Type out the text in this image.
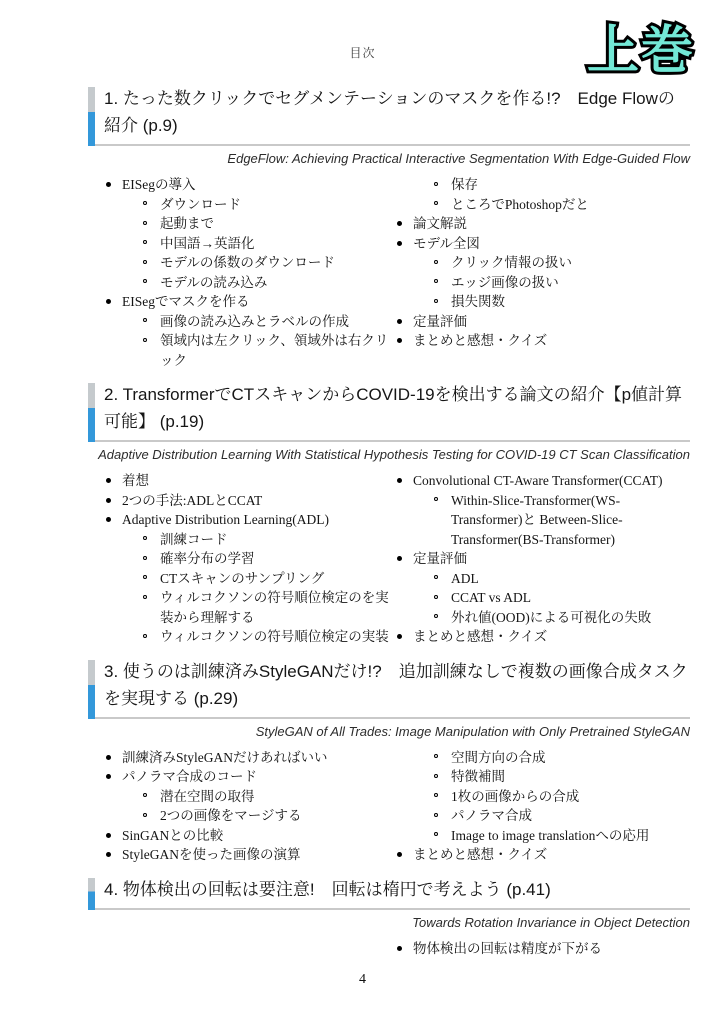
目次	上巻
1. たった数クリックでセグメンテーションのマスクを作る!?　Edge Flowの紹介 (p.9)
EdgeFlow: Achieving Practical Interactive Segmentation With Edge-Guided Flow
EISegの導入
ダウンロード
起動まで
中国語→英語化
モデルの係数のダウンロード
モデルの読み込み
EISegでマスクを作る
画像の読み込みとラベルの作成
領域内は左クリック、領域外は右クリック
保存
ところでPhotoshopだと
論文解説
モデル全図
クリック情報の扱い
エッジ画像の扱い
損失関数
定量評価
まとめと感想・クイズ
2. TransformerでCTスキャンからCOVID-19を検出する論文の紹介【p値計算可能】 (p.19)
Adaptive Distribution Learning With Statistical Hypothesis Testing for COVID-19 CT Scan Classification
着想
2つの手法:ADLとCCAT
Adaptive Distribution Learning(ADL)
訓練コード
確率分布の学習
CTスキャンのサンプリング
ウィルコクソンの符号順位検定のを実装から理解する
ウィルコクソンの符号順位検定の実装
Convolutional CT-Aware Transformer(CCAT)
Within-Slice-Transformer(WS-Transformer)と Between-Slice-Transformer(BS-Transformer)
定量評価
ADL
CCAT vs ADL
外れ値(OOD)による可視化の失敗
まとめと感想・クイズ
3. 使うのは訓練済みStyleGANだけ!?　追加訓練なしで複数の画像合成タスクを実現する (p.29)
StyleGAN of All Trades: Image Manipulation with Only Pretrained StyleGAN
訓練済みStyleGANだけあればいい
パノラマ合成のコード
潜在空間の取得
2つの画像をマージする
SinGANとの比較
StyleGANを使った画像の演算
空間方向の合成
特徴補間
1枚の画像からの合成
パノラマ合成
Image to image translationへの応用
まとめと感想・クイズ
4. 物体検出の回転は要注意!　回転は楕円で考えよう (p.41)
Towards Rotation Invariance in Object Detection
物体検出の回転は精度が下がる
4
